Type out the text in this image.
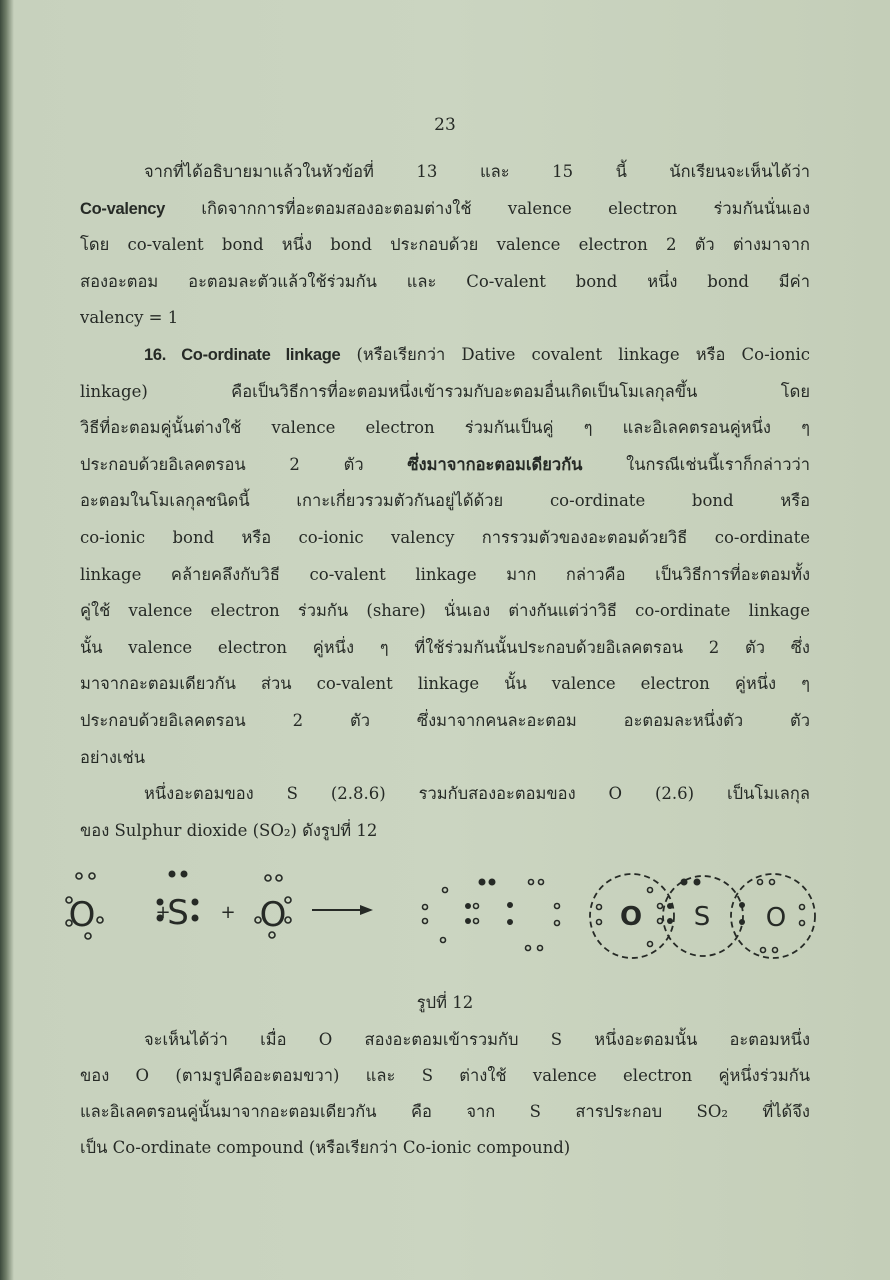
23
จากที่ได้อธิบายมาแล้วในหัวข้อที่ 13 และ 15 นี้ นักเรียนจะเห็นได้ว่า
Co-valency เกิดจากการที่อะตอมสองอะตอมต่างใช้ valence electron ร่วมกันนั่นเอง
โดย co-valent bond หนึ่ง bond ประกอบด้วย valence electron 2 ตัว ต่างมาจาก
สองอะตอม อะตอมละตัวแล้วใช้ร่วมกัน และ Co-valent bond หนึ่ง bond มีค่า
valency = 1
16. Co-ordinate linkage (หรือเรียกว่า Dative covalent linkage หรือ Co-ionic
linkage) คือเป็นวิธีการที่อะตอมหนึ่งเข้ารวมกับอะตอมอื่นเกิดเป็นโมเลกุลขึ้น โดย
วิธีที่อะตอมคู่นั้นต่างใช้ valence electron ร่วมกันเป็นคู่ ๆ และอิเลคตรอนคู่หนึ่ง ๆ
ประกอบด้วยอิเลคตรอน 2 ตัว ซึ่งมาจากอะตอมเดียวกัน ในกรณีเช่นนี้เราก็กล่าวว่า
อะตอมในโมเลกุลชนิดนี้ เกาะเกี่ยวรวมตัวกันอยู่ได้ด้วย co-ordinate bond หรือ
co-ionic bond หรือ co-ionic valency การรวมตัวของอะตอมด้วยวิธี co-ordinate
linkage คล้ายคลึงกับวิธี co-valent linkage มาก กล่าวคือ เป็นวิธีการที่อะตอมทั้ง
คู่ใช้ valence electron ร่วมกัน (share) นั่นเอง ต่างกันแต่ว่าวิธี co-ordinate linkage
นั้น valence electron คู่หนึ่ง ๆ ที่ใช้ร่วมกันนั้นประกอบด้วยอิเลคตรอน 2 ตัว ซึ่ง
มาจากอะตอมเดียวกัน ส่วน co-valent linkage นั้น valence electron คู่หนึ่ง ๆ
ประกอบด้วยอิเลคตรอน 2 ตัว ซึ่งมาจากคนละอะตอม อะตอมละหนึ่งตัว ตัว
อย่างเช่น
หนึ่งอะตอมของ S (2.8.6) รวมกับสองอะตอมของ O (2.6) เป็นโมเลกุล
ของ Sulphur dioxide (SO₂) ดังรูปที่ 12
O	+
S + O	O S O
รูปที่ 12
จะเห็นได้ว่า เมื่อ O สองอะตอมเข้ารวมกับ S หนึ่งอะตอมนั้น อะตอมหนึ่ง
ของ O (ตามรูปคืออะตอมขวา) และ S ต่างใช้ valence electron คู่หนึ่งร่วมกัน
และอิเลคตรอนคู่นั้นมาจากอะตอมเดียวกัน คือ จาก S สารประกอบ SO₂ ที่ได้จึง
เป็น Co-ordinate compound (หรือเรียกว่า Co-ionic compound)
